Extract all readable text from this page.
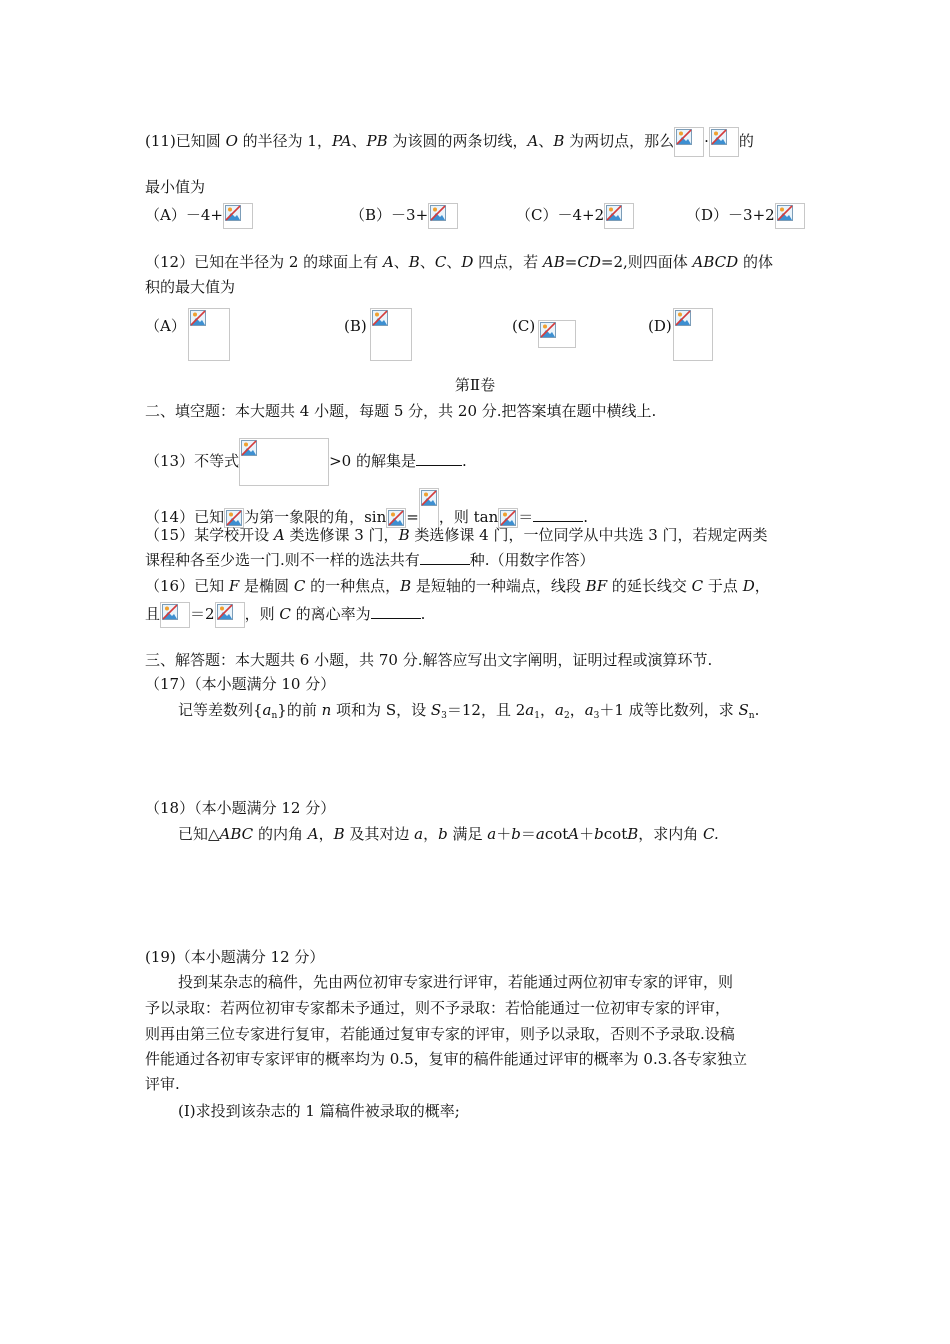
(11)已知圆 O 的半径为 1，PA、PB 为该圆的两条切线，A、B 为两切点，那么 · 的
最小值为
（A）－4+	（B）－3+	（C）－4+2	（D）－3+2
（12）已知在半径为 2 的球面上有 A、B、C、D 四点，若 AB=CD=2,则四面体 ABCD 的体
积的最大值为
（A）	(B)	(C)	(D)
第Ⅱ卷
二、填空题：本大题共 4 小题，每题 5 分，共 20 分.把答案填在题中横线上.
（13）不等式	>0 的解集是	.
（14）已知 为第一象限的角，sin = ，则 tan ＝	.
（15）某学校开设 A 类选修课 3 门，B 类选修课 4 门，一位同学从中共选 3 门，若规定两类
课程种各至少选一门.则不一样的选法共有	种.（用数字作答）
（16）已知 F 是椭圆 C 的一种焦点，B 是短轴的一种端点，线段 BF 的延长线交 C 于点 D，
且 ＝2 ，则 C 的离心率为	.
三、解答题：本大题共 6 小题，共 70 分.解答应写出文字阐明，证明过程或演算环节.
（17）（本小题满分 10 分）
记等差数列$\{a_n\}$的前 n 项和为 S，设 $S_3=12$，且 $2a_1$，$a_2$，$a_3+1$ 成等比数列，求 $S_n$.
（18）（本小题满分 12 分）
已知△ABC 的内角 A，B 及其对边 a，b 满足 a＋b＝acotA＋bcotB，求内角 C.
(19)（本小题满分 12 分）
投到某杂志的稿件，先由两位初审专家进行评审，若能通过两位初审专家的评审，则
予以录取：若两位初审专家都未予通过，则不予录取：若恰能通过一位初审专家的评审，
则再由第三位专家进行复审，若能通过复审专家的评审，则予以录取，否则不予录取.设稿
件能通过各初审专家评审的概率均为 0.5，复审的稿件能通过评审的概率为 0.3.各专家独立
评审.
(Ⅰ)求投到该杂志的 1 篇稿件被录取的概率;
